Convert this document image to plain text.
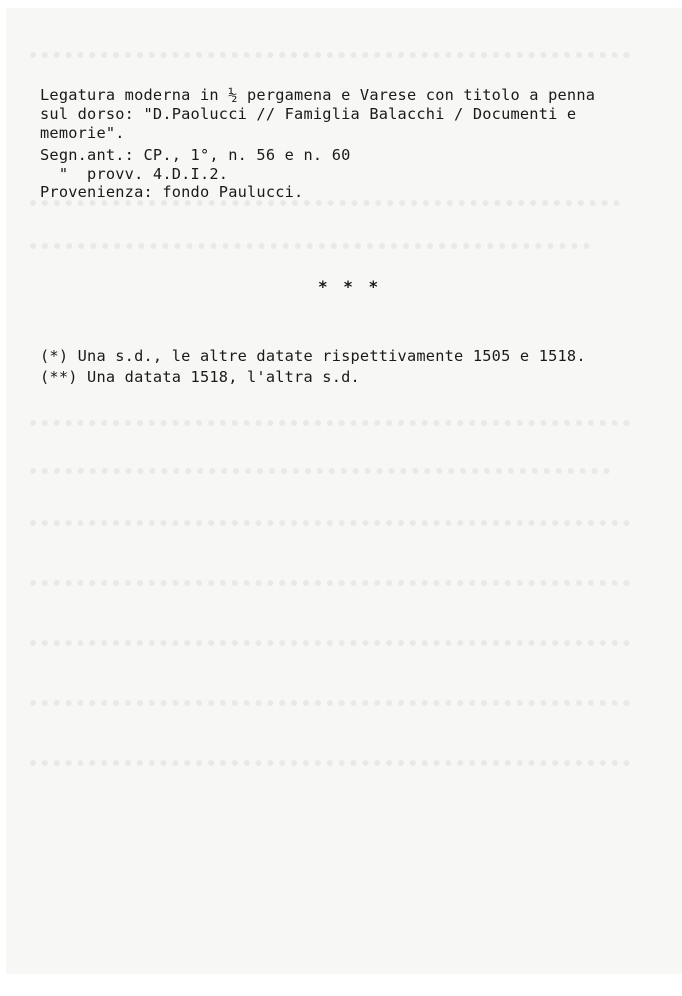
Legatura moderna in ½ pergamena e Varese con titolo a penna
sul dorso: "D.Paolucci // Famiglia Balacchi / Documenti e
memorie".
Segn.ant.: CP., 1°, n. 56 e n. 60
"  provv. 4.D.I.2.
Provenienza: fondo Paulucci.
* * *
(*) Una s.d., le altre datate rispettivamente 1505 e 1518.
(**) Una datata 1518, l'altra s.d.
